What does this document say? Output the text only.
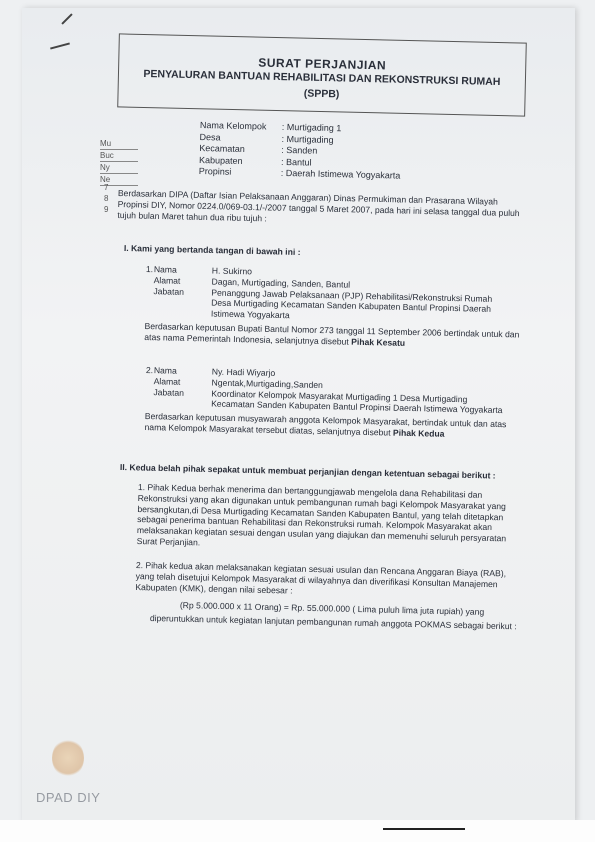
SURAT PERJANJIAN
PENYALURAN BANTUAN REHABILITASI DAN REKONSTRUKSI RUMAH
(SPPB)
Nama Kelompok	: Murtigading 1
Desa	: Murtigading
Kecamatan	: Sanden
Kabupaten	: Bantul
Propinsi	: Daerah Istimewa Yogyakarta
Mu
Buc
Ny
Ne
7
8
9
Berdasarkan DIPA (Daftar Isian Pelaksanaan Anggaran) Dinas Permukiman dan Prasarana Wilayah Propinsi DIY, Nomor 0224.0/069-03.1/-/2007 tanggal 5 Maret 2007, pada hari ini selasa tanggal dua puluh tujuh bulan Maret tahun dua ribu tujuh :
I. Kami yang bertanda tangan di bawah ini :
1. Nama	H. Sukirno
Alamat	Dagan, Murtigading, Sanden, Bantul
Jabatan	Penanggung Jawab Pelaksanaan (PJP) Rehabilitasi/Rekonstruksi Rumah Desa Murtigading Kecamatan Sanden Kabupaten Bantul Propinsi Daerah Istimewa Yogyakarta
Berdasarkan keputusan Bupati Bantul Nomor 273 tanggal 11 September 2006 bertindak untuk dan atas nama Pemerintah Indonesia, selanjutnya disebut Pihak Kesatu
2. Nama	Ny. Hadi Wiyarjo
Alamat	Ngentak,Murtigading,Sanden
Jabatan	Koordinator Kelompok Masyarakat Murtigading 1 Desa Murtigading Kecamatan Sanden Kabupaten Bantul Propinsi Daerah Istimewa Yogyakarta
Berdasarkan keputusan musyawarah anggota Kelompok Masyarakat, bertindak untuk dan atas nama Kelompok Masyarakat tersebut diatas, selanjutnya disebut Pihak Kedua
II. Kedua belah pihak sepakat untuk membuat perjanjian dengan ketentuan sebagai berikut :
1. Pihak Kedua berhak menerima dan bertanggungjawab mengelola dana Rehabilitasi dan Rekonstruksi yang akan digunakan untuk pembangunan rumah bagi Kelompok Masyarakat yang bersangkutan,di Desa Murtigading Kecamatan Sanden Kabupaten Bantul, yang telah ditetapkan sebagai penerima bantuan Rehabilitasi dan Rekonstruksi rumah. Kelompok Masyarakat akan melaksanakan kegiatan sesuai dengan usulan yang diajukan dan memenuhi seluruh persyaratan Surat Perjanjian.
2. Pihak kedua akan melaksanakan kegiatan sesuai usulan dan Rencana Anggaran Biaya (RAB), yang telah disetujui Kelompok Masyarakat di wilayahnya dan diverifikasi Konsultan Manajemen Kabupaten (KMK), dengan nilai sebesar :
(Rp 5.000.000 x 11 Orang) = Rp. 55.000.000 ( Lima puluh lima juta rupiah) yang
diperuntukkan untuk kegiatan lanjutan pembangunan rumah anggota POKMAS sebagai berikut :
DPAD DIY
